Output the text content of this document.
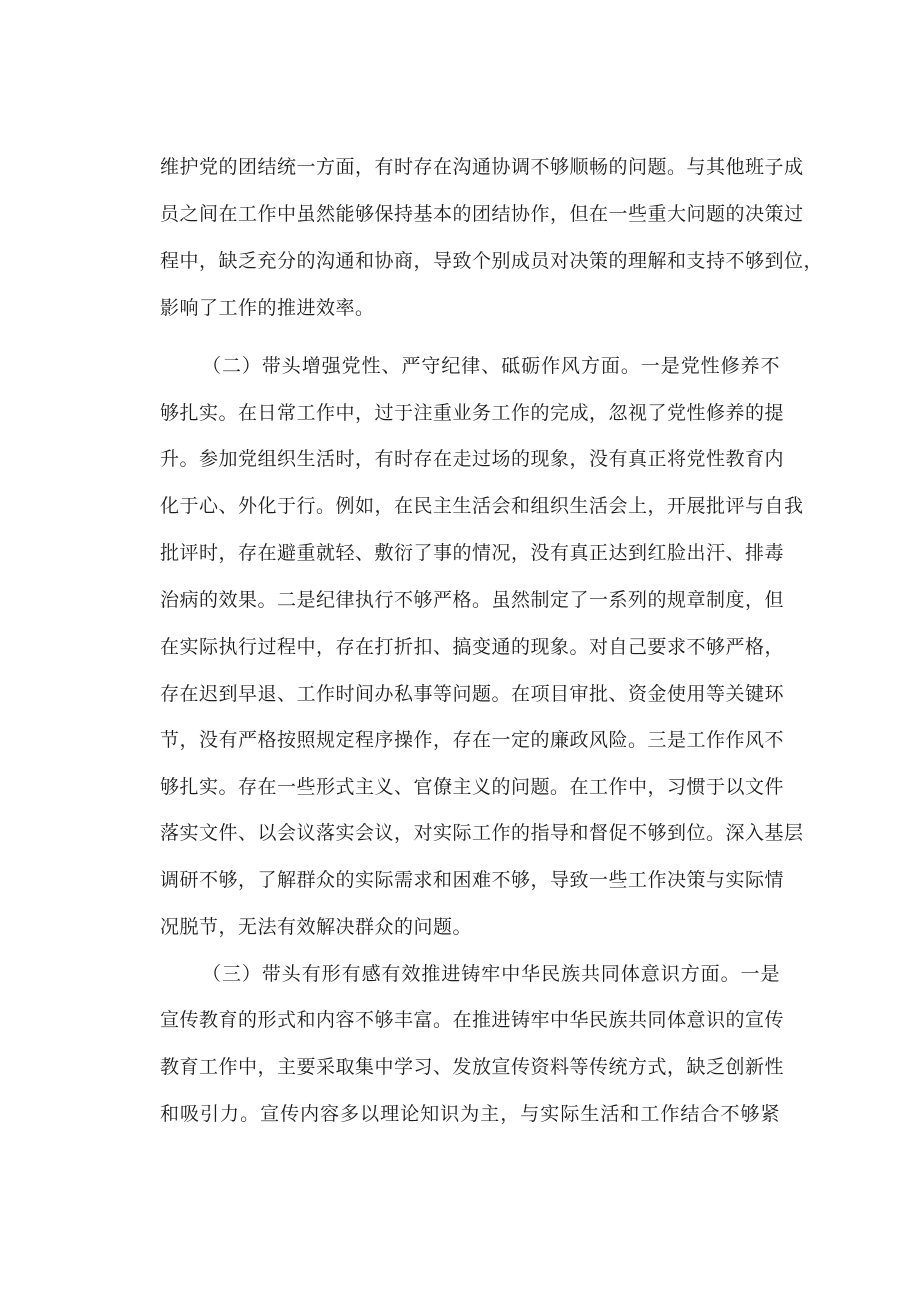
维护党的团结统一方面，有时存在沟通协调不够顺畅的问题。与其他班子成
员之间在工作中虽然能够保持基本的团结协作，但在一些重大问题的决策过
程中，缺乏充分的沟通和协商，导致个别成员对决策的理解和支持不够到位，
影响了工作的推进效率。
（二）带头增强党性、严守纪律、砥砺作风方面。一是党性修养不
够扎实。在日常工作中，过于注重业务工作的完成，忽视了党性修养的提
升。参加党组织生活时，有时存在走过场的现象，没有真正将党性教育内
化于心、外化于行。例如，在民主生活会和组织生活会上，开展批评与自我
批评时，存在避重就轻、敷衍了事的情况，没有真正达到红脸出汗、排毒
治病的效果。二是纪律执行不够严格。虽然制定了一系列的规章制度，但
在实际执行过程中，存在打折扣、搞变通的现象。对自己要求不够严格，
存在迟到早退、工作时间办私事等问题。在项目审批、资金使用等关键环
节，没有严格按照规定程序操作，存在一定的廉政风险。三是工作作风不
够扎实。存在一些形式主义、官僚主义的问题。在工作中，习惯于以文件
落实文件、以会议落实会议，对实际工作的指导和督促不够到位。深入基层
调研不够，了解群众的实际需求和困难不够，导致一些工作决策与实际情
况脱节，无法有效解决群众的问题。
（三）带头有形有感有效推进铸牢中华民族共同体意识方面。一是
宣传教育的形式和内容不够丰富。在推进铸牢中华民族共同体意识的宣传
教育工作中，主要采取集中学习、发放宣传资料等传统方式，缺乏创新性
和吸引力。宣传内容多以理论知识为主，与实际生活和工作结合不够紧
